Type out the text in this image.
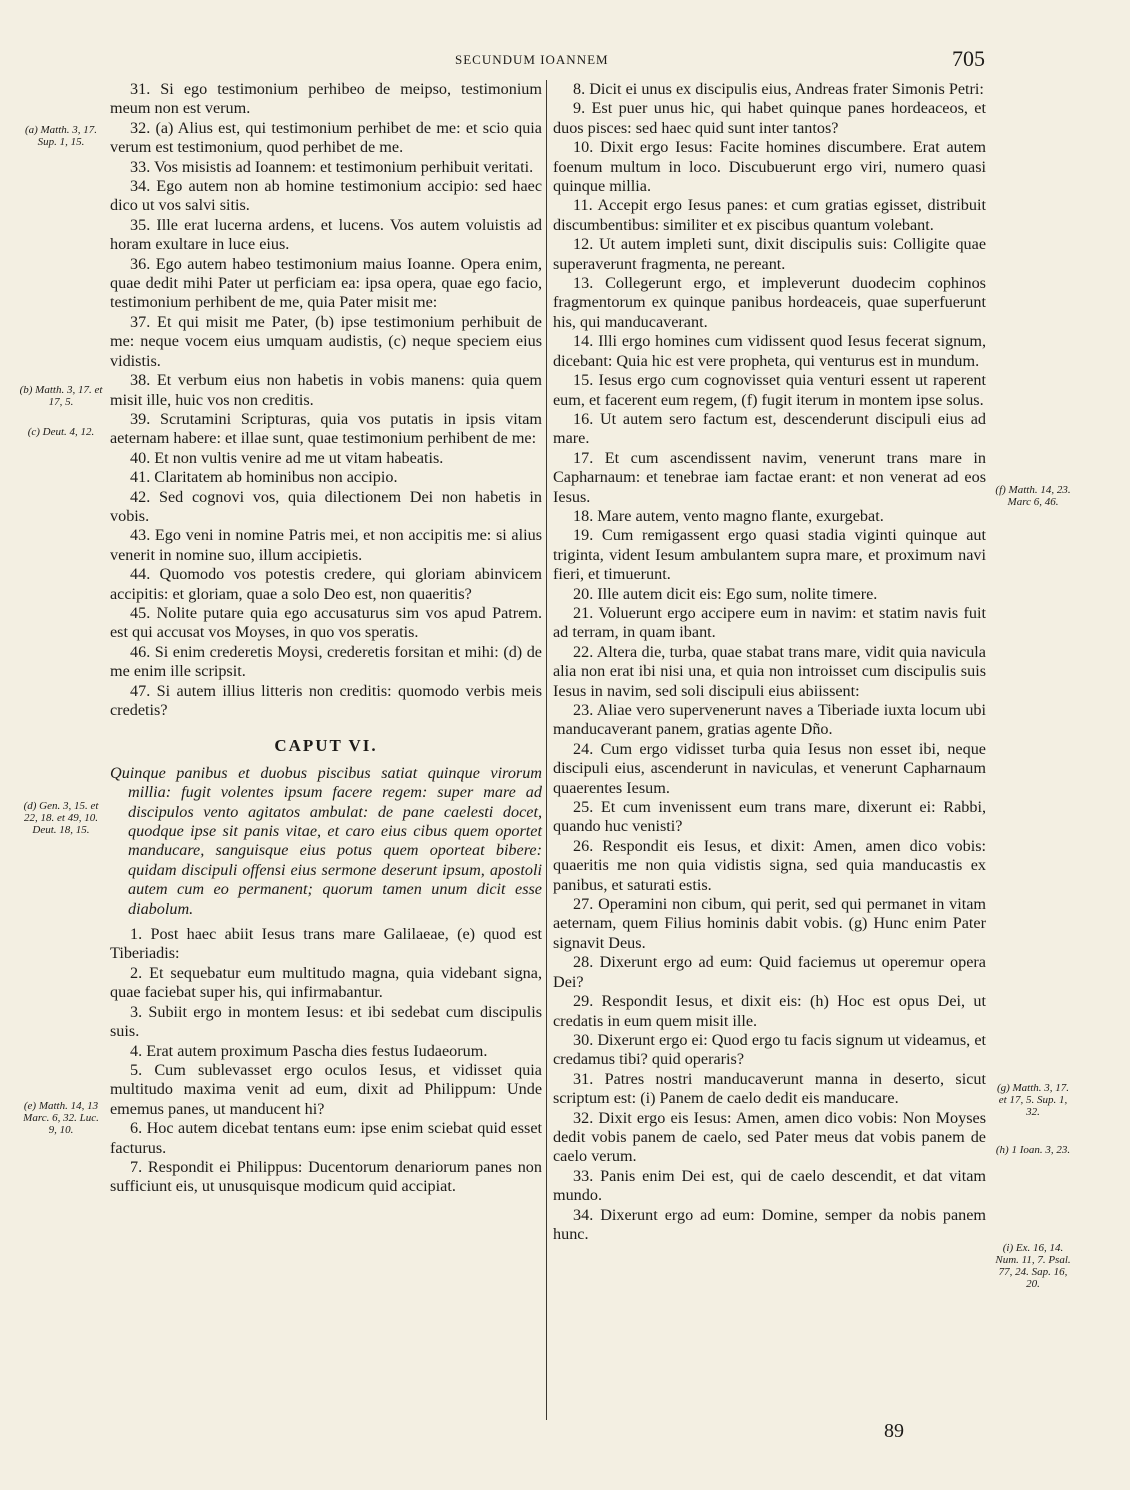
SECUNDUM IOANNEM	705

31. Si ego testimonium perhibeo de meipso, testimonium meum non est verum.

32. (a) Alius est, qui testimonium perhibet de me: et scio quia verum est testimonium, quod perhibet de me.

33. Vos misistis ad Ioannem: et testimonium perhibuit veritati.

34. Ego autem non ab homine testimonium accipio: sed haec dico ut vos salvi sitis.

35. Ille erat lucerna ardens, et lucens. Vos autem voluistis ad horam exultare in luce eius.

36. Ego autem habeo testimonium maius Ioanne. Opera enim, quae dedit mihi Pater ut perficiam ea: ipsa opera, quae ego facio, testimonium perhibent de me, quia Pater misit me:

37. Et qui misit me Pater, (b) ipse testimonium perhibuit de me: neque vocem eius umquam audistis, (c) neque speciem eius vidistis.

38. Et verbum eius non habetis in vobis manens: quia quem misit ille, huic vos non creditis.

39. Scrutamini Scripturas, quia vos putatis in ipsis vitam aeternam habere: et illae sunt, quae testimonium perhibent de me:

40. Et non vultis venire ad me ut vitam habeatis.

41. Claritatem ab hominibus non accipio.

42. Sed cognovi vos, quia dilectionem Dei non habetis in vobis.

43. Ego veni in nomine Patris mei, et non accipitis me: si alius venerit in nomine suo, illum accipietis.

44. Quomodo vos potestis credere, qui gloriam abinvicem accipitis: et gloriam, quae a solo Deo est, non quaeritis?

45. Nolite putare quia ego accusaturus sim vos apud Patrem. est qui accusat vos Moyses, in quo vos speratis.

46. Si enim crederetis Moysi, crederetis forsitan et mihi: (d) de me enim ille scripsit.

47. Si autem illius litteris non creditis: quomodo verbis meis credetis?

CAPUT VI.

Quinque panibus et duobus piscibus satiat quinque virorum millia: fugit volentes ipsum facere regem: super mare ad discipulos vento agitatos ambulat: de pane caelesti docet, quodque ipse sit panis vitae, et caro eius cibus quem oportet manducare, sanguisque eius potus quem oporteat bibere: quidam discipuli offensi eius sermone deserunt ipsum, apostoli autem cum eo permanent; quorum tamen unum dicit esse diabolum.

1. Post haec abiit Iesus trans mare Galilaeae, (e) quod est Tiberiadis:

2. Et sequebatur eum multitudo magna, quia videbant signa, quae faciebat super his, qui infirmabantur.

3. Subiit ergo in montem Iesus: et ibi sedebat cum discipulis suis.

4. Erat autem proximum Pascha dies festus Iudaeorum.

5. Cum sublevasset ergo oculos Iesus, et vidisset quia multitudo maxima venit ad eum, dixit ad Philippum: Unde ememus panes, ut manducent hi?

6. Hoc autem dicebat tentans eum: ipse enim sciebat quid esset facturus.

7. Respondit ei Philippus: Ducentorum denariorum panes non sufficiunt eis, ut unusquisque modicum quid accipiat.

8. Dicit ei unus ex discipulis eius, Andreas frater Simonis Petri:

9. Est puer unus hic, qui habet quinque panes hordeaceos, et duos pisces: sed haec quid sunt inter tantos?

10. Dixit ergo Iesus: Facite homines discumbere. Erat autem foenum multum in loco. Discubuerunt ergo viri, numero quasi quinque millia.

11. Accepit ergo Iesus panes: et cum gratias egisset, distribuit discumbentibus: similiter et ex piscibus quantum volebant.

12. Ut autem impleti sunt, dixit discipulis suis: Colligite quae superaverunt fragmenta, ne pereant.

13. Collegerunt ergo, et impleverunt duodecim cophinos fragmentorum ex quinque panibus hordeaceis, quae superfuerunt his, qui manducaverant.

14. Illi ergo homines cum vidissent quod Iesus fecerat signum, dicebant: Quia hic est vere propheta, qui venturus est in mundum.

15. Iesus ergo cum cognovisset quia venturi essent ut raperent eum, et facerent eum regem, (f) fugit iterum in montem ipse solus.

16. Ut autem sero factum est, descenderunt discipuli eius ad mare.

17. Et cum ascendissent navim, venerunt trans mare in Capharnaum: et tenebrae iam factae erant: et non venerat ad eos Iesus.

18. Mare autem, vento magno flante, exurgebat.

19. Cum remigassent ergo quasi stadia viginti quinque aut triginta, vident Iesum ambulantem supra mare, et proximum navi fieri, et timuerunt.

20. Ille autem dicit eis: Ego sum, nolite timere.

21. Voluerunt ergo accipere eum in navim: et statim navis fuit ad terram, in quam ibant.

22. Altera die, turba, quae stabat trans mare, vidit quia navicula alia non erat ibi nisi una, et quia non introisset cum discipulis suis Iesus in navim, sed soli discipuli eius abiissent:

23. Aliae vero supervenerunt naves a Tiberiade iuxta locum ubi manducaverant panem, gratias agente Dño.

24. Cum ergo vidisset turba quia Iesus non esset ibi, neque discipuli eius, ascenderunt in naviculas, et venerunt Capharnaum quaerentes Iesum.

25. Et cum invenissent eum trans mare, dixerunt ei: Rabbi, quando huc venisti?

26. Respondit eis Iesus, et dixit: Amen, amen dico vobis: quaeritis me non quia vidistis signa, sed quia manducastis ex panibus, et saturati estis.

27. Operamini non cibum, qui perit, sed qui permanet in vitam aeternam, quem Filius hominis dabit vobis. (g) Hunc enim Pater signavit Deus.

28. Dixerunt ergo ad eum: Quid faciemus ut operemur opera Dei?

29. Respondit Iesus, et dixit eis: (h) Hoc est opus Dei, ut credatis in eum quem misit ille.

30. Dixerunt ergo ei: Quod ergo tu facis signum ut videamus, et credamus tibi? quid operaris?

31. Patres nostri manducaverunt manna in deserto, sicut scriptum est: (i) Panem de caelo dedit eis manducare.

32. Dixit ergo eis Iesus: Amen, amen dico vobis: Non Moyses dedit vobis panem de caelo, sed Pater meus dat vobis panem de caelo verum.

33. Panis enim Dei est, qui de caelo descendit, et dat vitam mundo.

34. Dixerunt ergo ad eum: Domine, semper da nobis panem hunc.

(a) Matth. 3, 17. Sup. 1, 15.
(b) Matth. 3, 17. et 17, 5.
(c) Deut. 4, 12.
(d) Gen. 3, 15. et 22, 18. et 49, 10. Deut. 18, 15.
(e) Matth. 14, 13 Marc. 6, 32. Luc. 9, 10.
(f) Matth. 14, 23. Marc 6, 46.
(g) Matth. 3, 17. et 17, 5. Sup. 1, 32.
(h) 1 Ioan. 3, 23.
(i) Ex. 16, 14. Num. 11, 7. Psal. 77, 24. Sap. 16, 20.
89
